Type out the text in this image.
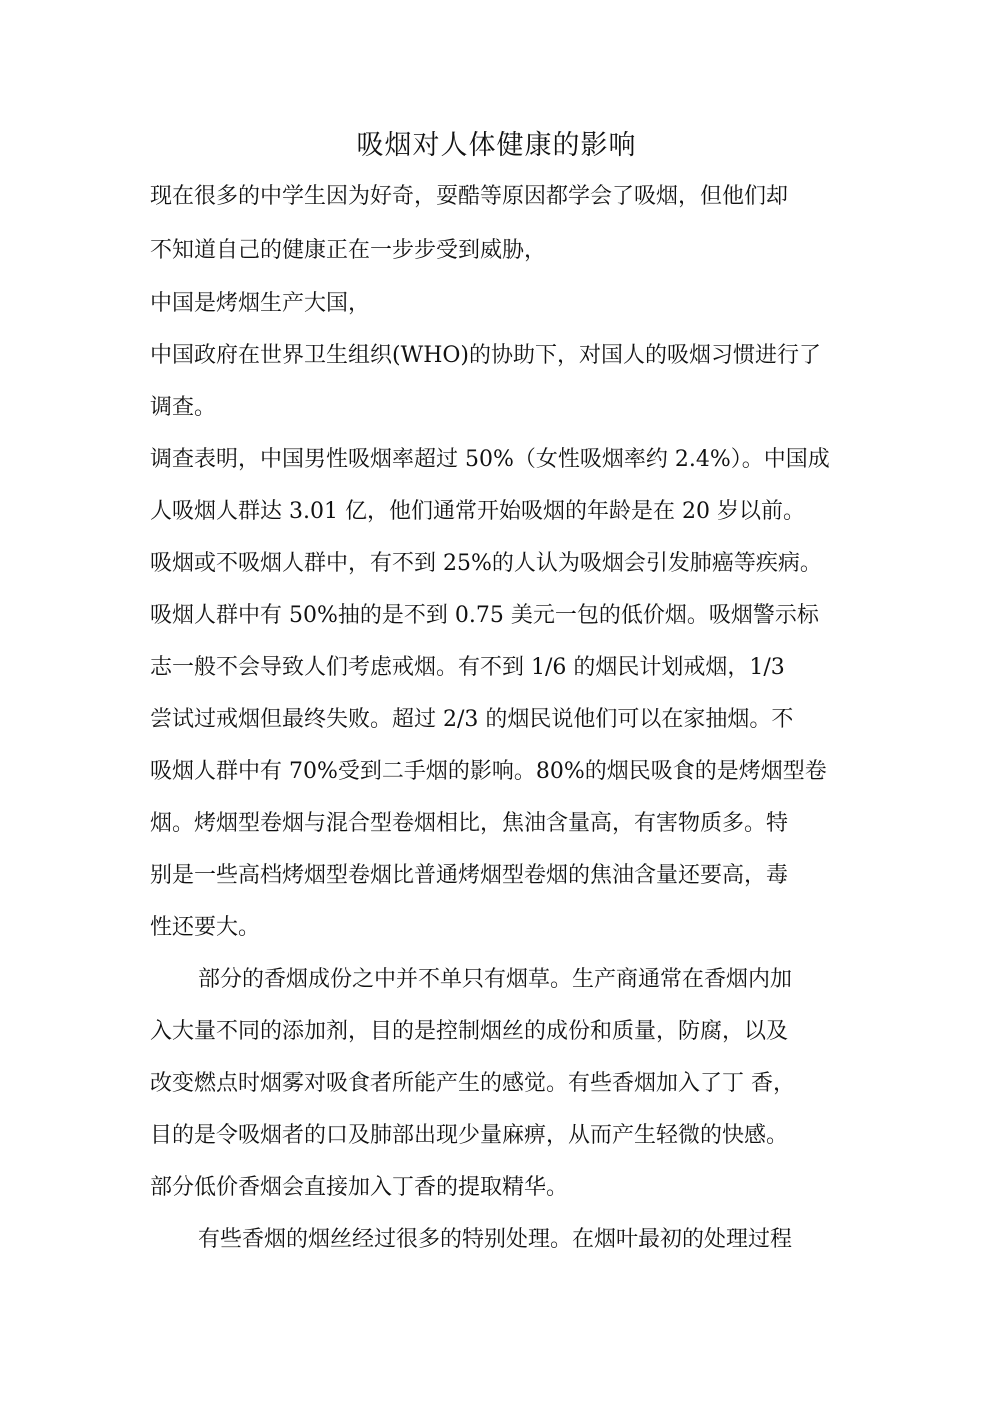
吸烟对人体健康的影响

现在很多的中学生因为好奇，耍酷等原因都学会了吸烟，但他们却

不知道自己的健康正在一步步受到威胁，

中国是烤烟生产大国，

中国政府在世界卫生组织(WHO)的协助下，对国人的吸烟习惯进行了

调查。

调查表明，中国男性吸烟率超过 50%（女性吸烟率约 2.4%）。中国成

人吸烟人群达 3.01 亿，他们通常开始吸烟的年龄是在 20 岁以前。

吸烟或不吸烟人群中，有不到 25%的人认为吸烟会引发肺癌等疾病。

吸烟人群中有 50%抽的是不到 0.75 美元一包的低价烟。吸烟警示标

志一般不会导致人们考虑戒烟。有不到 1/6 的烟民计划戒烟，1/3

尝试过戒烟但最终失败。超过 2/3 的烟民说他们可以在家抽烟。不

吸烟人群中有 70%受到二手烟的影响。80%的烟民吸食的是烤烟型卷

烟。烤烟型卷烟与混合型卷烟相比，焦油含量高，有害物质多。特

别是一些高档烤烟型卷烟比普通烤烟型卷烟的焦油含量还要高，毒

性还要大。

部分的香烟成份之中并不单只有烟草。生产商通常在香烟内加

入大量不同的添加剂，目的是控制烟丝的成份和质量，防腐，以及

改变燃点时烟雾对吸食者所能产生的感觉。有些香烟加入了丁 香，

目的是令吸烟者的口及肺部出现少量麻痹，从而产生轻微的快感。

部分低价香烟会直接加入丁香的提取精华。

有些香烟的烟丝经过很多的特别处理。在烟叶最初的处理过程
